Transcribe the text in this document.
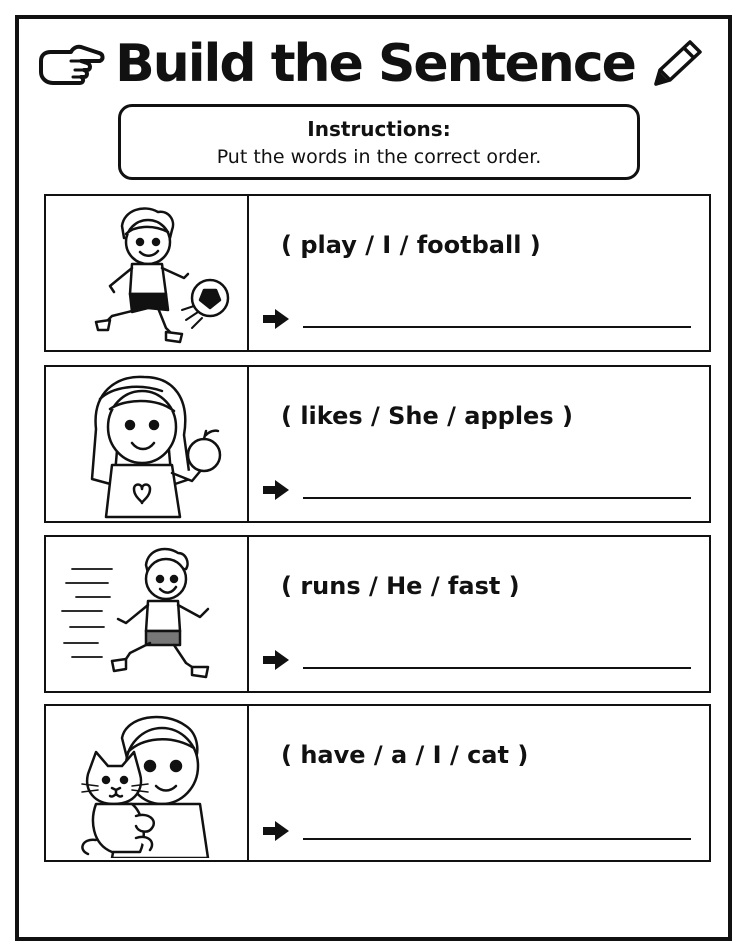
Build the Sentence
Instructions:
Put the words in the correct order.
( play / I / football )
( likes / She / apples )
( runs / He / fast )
( have / a / I / cat )
